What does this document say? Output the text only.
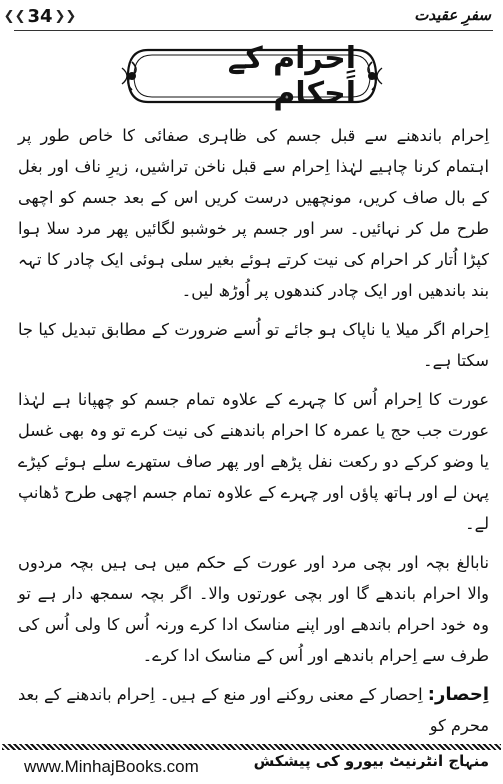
❮❮ 34 ❯❯	سفرِ عقیدت
اِحرام کے اَحکام

اِحرام باندھنے سے قبل جسم کی ظاہری صفائی کا خاص طور پر اہتمام کرنا چاہیے لہٰذا اِحرام سے قبل ناخن تراشیں، زیرِ ناف اور بغل کے بال صاف کریں، مونچھیں درست کریں اس کے بعد جسم کو اچھی طرح مل کر نہائیں۔ سر اور جسم پر خوشبو لگائیں پھر مرد سلا ہوا کپڑا اُتار کر احرام کی نیت کرتے ہوئے بغیر سلی ہوئی ایک چادر کا تہہ بند باندھیں اور ایک چادر کندھوں پر اُوڑھ لیں۔

اِحرام اگر میلا یا ناپاک ہو جائے تو اُسے ضرورت کے مطابق تبدیل کیا جا سکتا ہے۔

عورت کا اِحرام اُس کا چہرے کے علاوہ تمام جسم کو چھپانا ہے لہٰذا عورت جب حج یا عمرہ کا احرام باندھنے کی نیت کرے تو وہ بھی غسل یا وضو کرکے دو رکعت نفل پڑھے اور پھر صاف ستھرے سلے ہوئے کپڑے پہن لے اور ہاتھ پاؤں اور چہرے کے علاوہ تمام جسم اچھی طرح ڈھانپ لے۔

نابالغ بچہ اور بچی مرد اور عورت کے حکم میں ہی ہیں بچہ مردوں والا احرام باندھے گا اور بچی عورتوں والا۔ اگر بچہ سمجھ دار ہے تو وہ خود احرام باندھے اور اپنے مناسک ادا کرے ورنہ اُس کا ولی اُس کی طرف سے اِحرام باندھے اور اُس کے مناسک ادا کرے۔

اِحصار: اِحصار کے معنی روکنے اور منع کے ہیں۔ اِحرام باندھنے کے بعد محرم کو

www.MinhajBooks.com	منہاج انٹرنیٹ بیورو کی پیشکش
